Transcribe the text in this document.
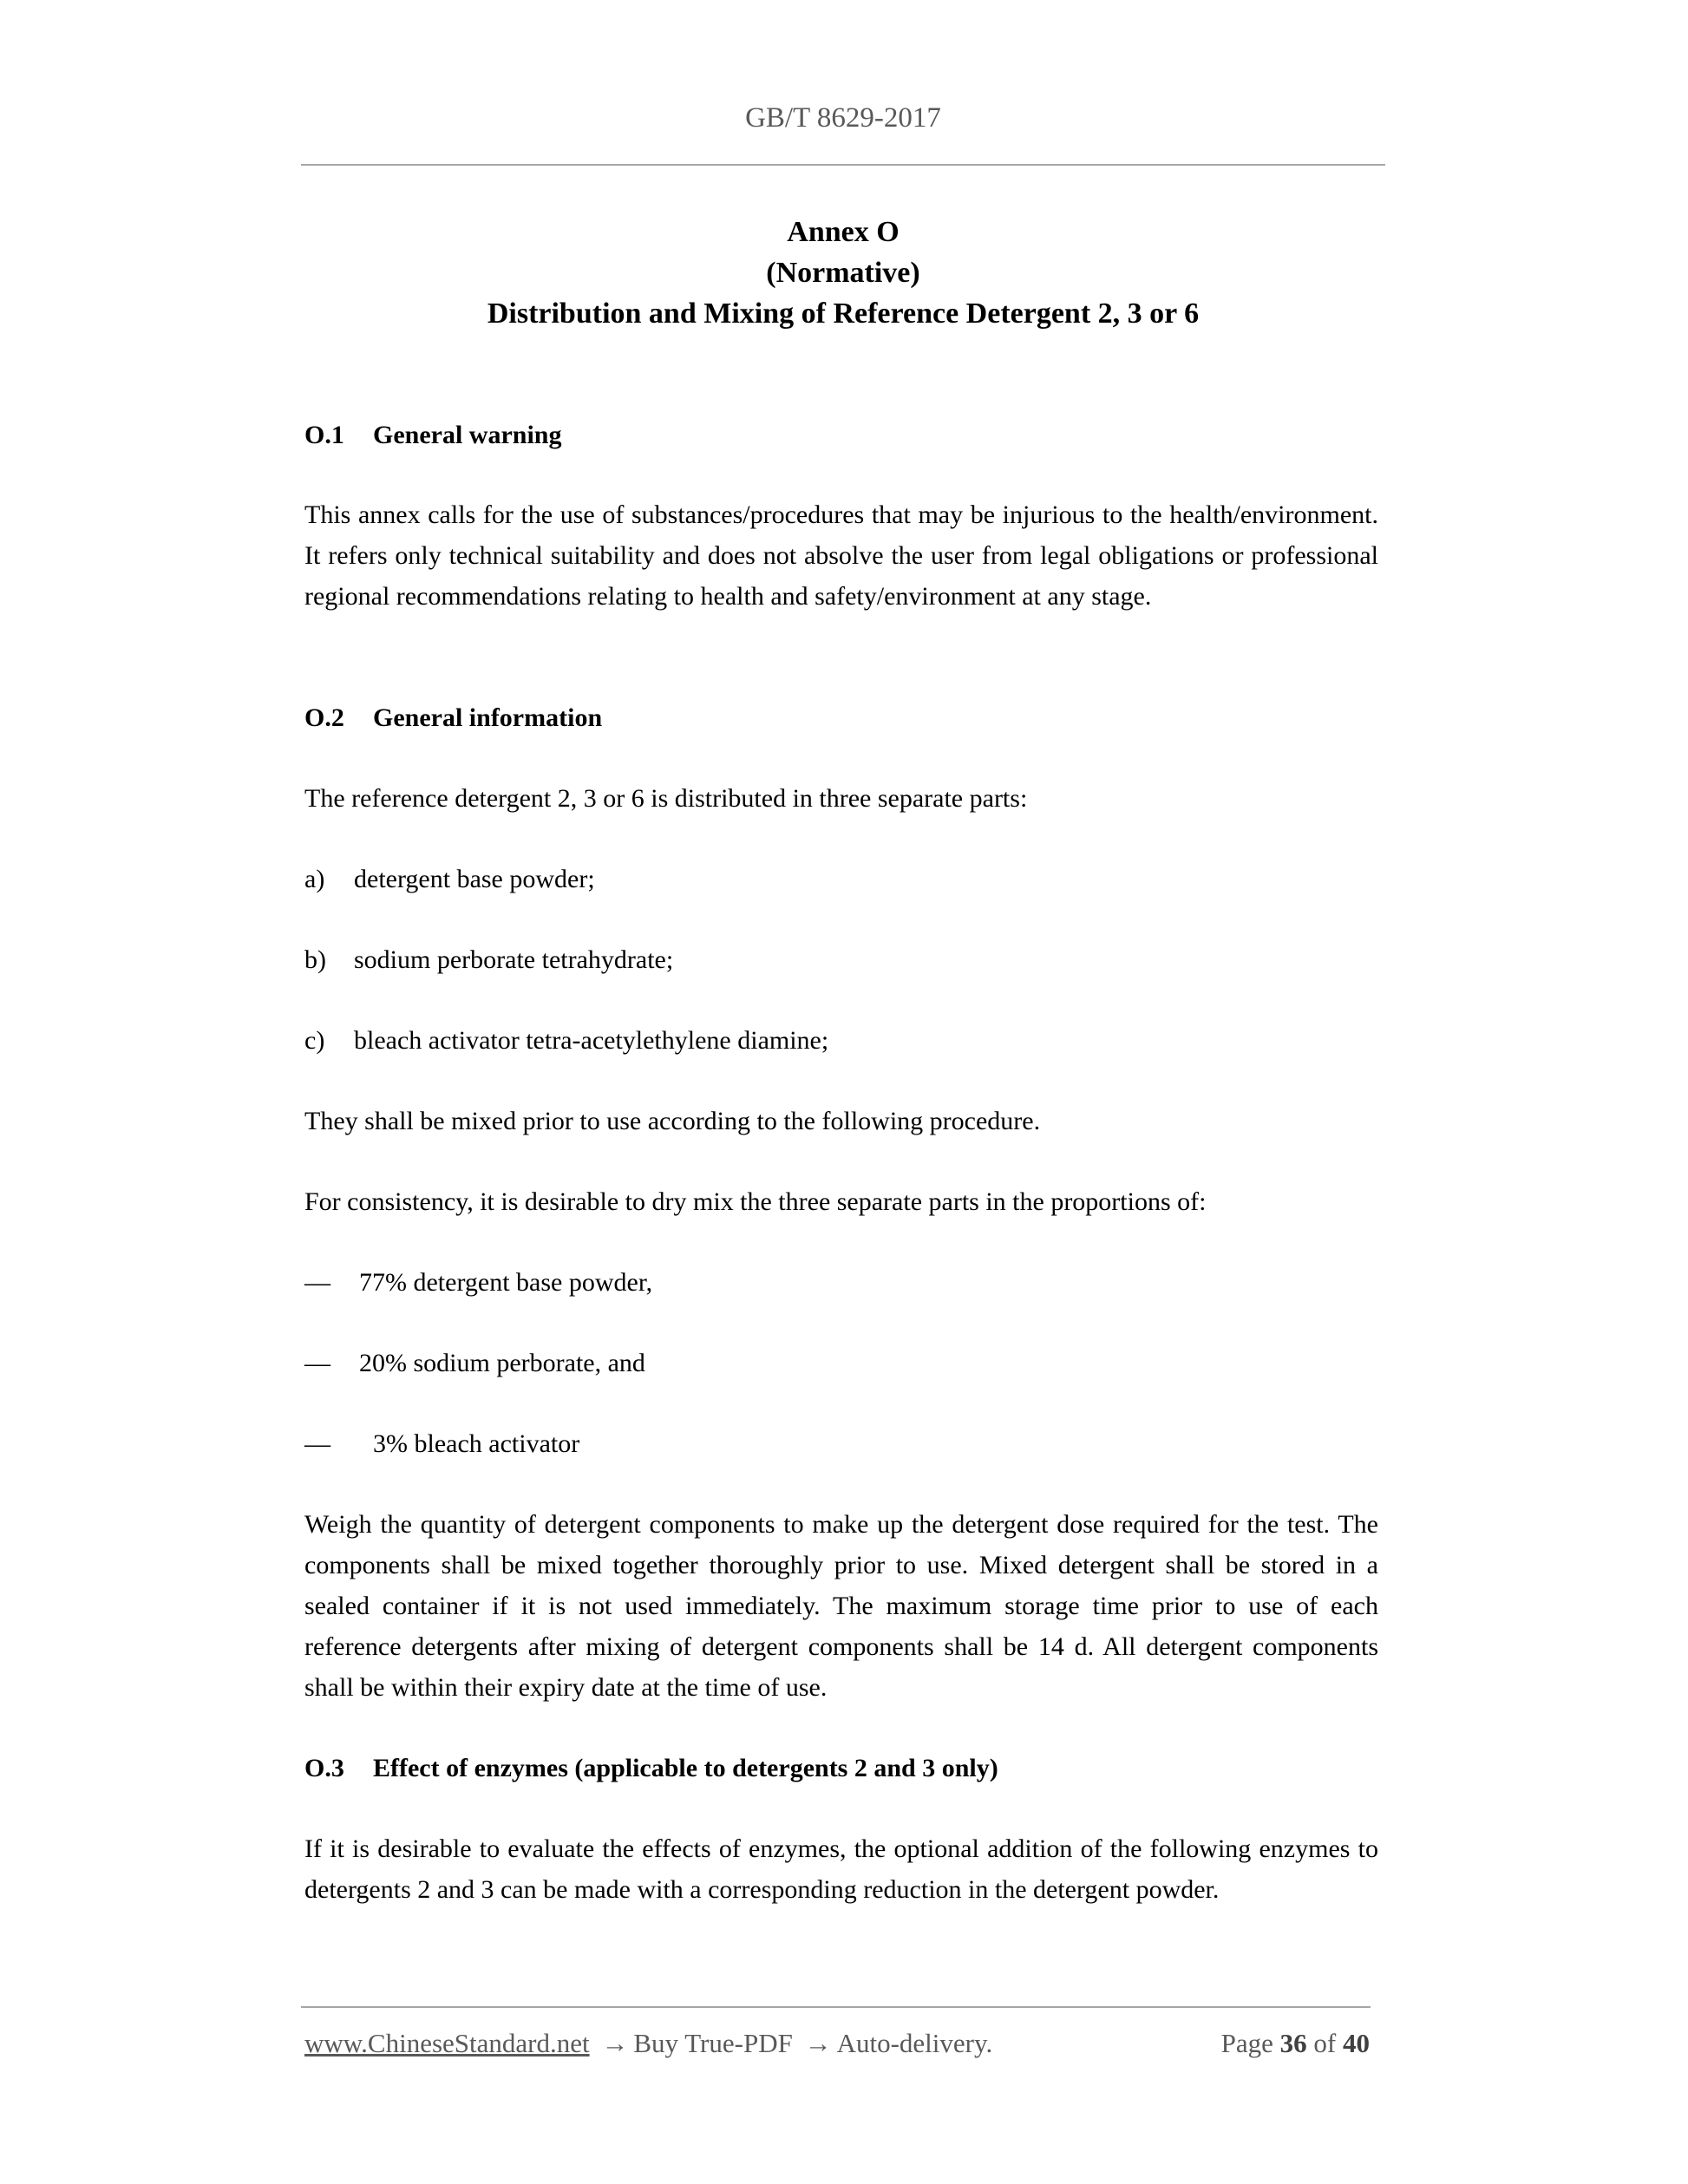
GB/T 8629-2017
Annex O
(Normative)
Distribution and Mixing of Reference Detergent 2, 3 or 6
O.1 General warning
This annex calls for the use of substances/procedures that may be injurious to the health/environment. It refers only technical suitability and does not absolve the user from legal obligations or professional regional recommendations relating to health and safety/environment at any stage.
O.2 General information
The reference detergent 2, 3 or 6 is distributed in three separate parts:
a) detergent base powder;
b) sodium perborate tetrahydrate;
c) bleach activator tetra-acetylethylene diamine;
They shall be mixed prior to use according to the following procedure.
For consistency, it is desirable to dry mix the three separate parts in the proportions of:
— 77% detergent base powder,
— 20% sodium perborate, and
— 3% bleach activator
Weigh the quantity of detergent components to make up the detergent dose required for the test. The components shall be mixed together thoroughly prior to use. Mixed detergent shall be stored in a sealed container if it is not used immediately. The maximum storage time prior to use of each reference detergents after mixing of detergent components shall be 14 d. All detergent components shall be within their expiry date at the time of use.
O.3 Effect of enzymes (applicable to detergents 2 and 3 only)
If it is desirable to evaluate the effects of enzymes, the optional addition of the following enzymes to detergents 2 and 3 can be made with a corresponding reduction in the detergent powder.
www.ChineseStandard.net → Buy True-PDF → Auto-delivery.	Page 36 of 40
